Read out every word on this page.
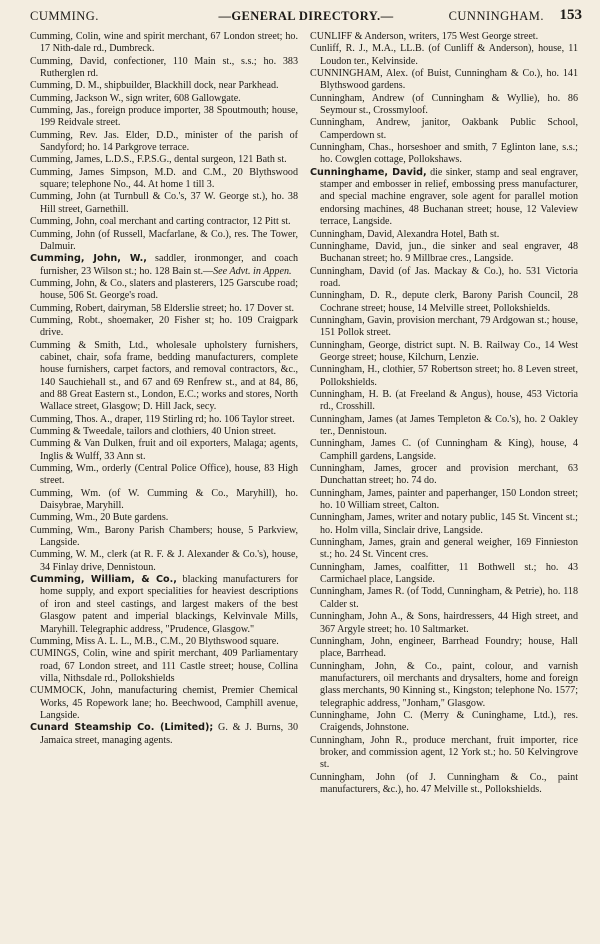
CUMMING.	—GENERAL DIRECTORY.—	CUNNINGHAM. 153
Cumming, Colin, wine and spirit merchant, 67 London street; ho. 17 Nith-dale rd., Dumbreck.
Cumming, David, confectioner, 110 Main st., s.s.; ho. 383 Rutherglen rd.
Cumming, D. M., shipbuilder, Blackhill dock, near Parkhead.
Cumming, Jackson W., sign writer, 608 Gallowgate.
Cumming, Jas., foreign produce importer, 38 Spoutmouth; house, 199 Reidvale street.
Cumming, Rev. Jas. Elder, D.D., minister of the parish of Sandyford; ho. 14 Parkgrove terrace.
Cumming, James, L.D.S., F.P.S.G., dental surgeon, 121 Bath st.
Cumming, James Simpson, M.D. and C.M., 20 Blythswood square; telephone No., 44. At home 1 till 3.
Cumming, John (at Turnbull & Co.'s, 37 W. George st.), ho. 38 Hill street, Garnethill.
Cumming, John, coal merchant and carting contractor, 12 Pitt st.
Cumming, John (of Russell, Macfarlane, & Co.), res. The Tower, Dalmuir.
Cumming, John, W., saddler, ironmonger, and coach furnisher, 23 Wilson st.; ho. 128 Bain st.—See Advt. in Appen.
Cumming, John, & Co., slaters and plasterers, 125 Garscube road; house, 506 St. George's road.
Cumming, Robert, dairyman, 58 Elderslie street; ho. 17 Dover st.
Cumming, Robt., shoemaker, 20 Fisher st; ho. 109 Craigpark drive.
Cumming & Smith, Ltd., wholesale upholstery furnishers, cabinet, chair, sofa frame, bedding manufacturers, complete house furnishers, carpet factors, and removal contractors, &c., 140 Sauchiehall st., and 67 and 69 Renfrew st., and at 84, 86, and 88 Great Eastern st., London, E.C.; works and stores, North Wallace street, Glasgow; D. Hill Jack, secy.
Cumming, Thos. A., draper, 119 Stirling rd; ho. 106 Taylor street.
Cumming & Tweedale, tailors and clothiers, 40 Union street.
Cumming & Van Dulken, fruit and oil exporters, Malaga; agents, Inglis & Wulff, 33 Ann st.
Cumming, Wm., orderly (Central Police Office), house, 83 High street.
Cumming, Wm. (of W. Cumming & Co., Maryhill), ho. Daisybrae, Maryhill.
Cumming, Wm., 20 Bute gardens.
Cumming, Wm., Barony Parish Chambers; house, 5 Parkview, Langside.
Cumming, W. M., clerk (at R. F. & J. Alexander & Co.'s), house, 34 Finlay drive, Dennistoun.
Cumming, William, & Co., blacking manufacturers for home supply, and export specialities for heaviest descriptions of iron and steel castings, and largest makers of the best Glasgow patent and imperial blackings, Kelvinvale Mills, Maryhill. Telegraphic address, "Prudence, Glasgow."
Cumming, Miss A. L. L., M.B., C.M., 20 Blythswood square.
CUMINGS, Colin, wine and spirit merchant, 409 Parliamentary road, 67 London street, and 111 Castle street; house, Collina villa, Nithsdale rd., Pollokshields
CUMMOCK, John, manufacturing chemist, Premier Chemical Works, 45 Ropework lane; ho. Beechwood, Camphill avenue, Langside.
Cunard Steamship Co. (Limited); G. & J. Burns, 30 Jamaica street, managing agents.
CUNLIFF & Anderson, writers, 175 West George street.
Cunliff, R. J., M.A., LL.B. (of Cunliff & Anderson), house, 11 Loudon ter., Kelvinside.
CUNNINGHAM, Alex. (of Buist, Cunningham & Co.), ho. 141 Blythswood gardens.
Cunningham, Andrew (of Cunningham & Wyllie), ho. 86 Seymour st., Crossmyloof.
Cunningham, Andrew, janitor, Oakbank Public School, Camperdown st.
Cunningham, Chas., horseshoer and smith, 7 Eglinton lane, s.s.; ho. Cowglen cottage, Pollokshaws.
Cunninghame, David, die sinker, stamp and seal engraver, stamper and embosser in relief, embossing press manufacturer, and special machine engraver, sole agent for parallel motion endorsing machines, 48 Buchanan street; house, 12 Valeview terrace, Langside.
Cunningham, David, Alexandra Hotel, Bath st.
Cunninghame, David, jun., die sinker and seal engraver, 48 Buchanan street; ho. 9 Millbrae cres., Langside.
Cunningham, David (of Jas. Mackay & Co.), ho. 531 Victoria road.
Cunningham, D. R., depute clerk, Barony Parish Council, 28 Cochrane street; house, 14 Melville street, Pollokshields.
Cunningham, Gavin, provision merchant, 79 Ardgowan st.; house, 151 Pollok street.
Cunningham, George, district supt. N. B. Railway Co., 14 West George street; house, Kilchurn, Lenzie.
Cunningham, H., clothier, 57 Robertson street; ho. 8 Leven street, Pollokshields.
Cunningham, H. B. (at Freeland & Angus), house, 453 Victoria rd., Crosshill.
Cunningham, James (at James Templeton & Co.'s), ho. 2 Oakley ter., Dennistoun.
Cunningham, James C. (of Cunningham & King), house, 4 Camphill gardens, Langside.
Cunningham, James, grocer and provision merchant, 63 Dunchattan street; ho. 74 do.
Cunningham, James, painter and paperhanger, 150 London street; ho. 10 William street, Calton.
Cunningham, James, writer and notary public, 145 St. Vincent st.; ho. Holm villa, Sinclair drive, Langside.
Cunningham, James, grain and general weigher, 169 Finnieston st.; ho. 24 St. Vincent cres.
Cunningham, James, coalfitter, 11 Bothwell st.; ho. 43 Carmichael place, Langside.
Cunningham, James R. (of Todd, Cunningham, & Petrie), ho. 118 Calder st.
Cunningham, John A., & Sons, hairdressers, 44 High street, and 367 Argyle street; ho. 10 Saltmarket.
Cunningham, John, engineer, Barrhead Foundry; house, Hall place, Barrhead.
Cunningham, John, & Co., paint, colour, and varnish manufacturers, oil merchants and drysalters, home and foreign glass merchants, 90 Kinning st., Kingston; telephone No. 1577; telegraphic address, "Jonham," Glasgow.
Cunninghame, John C. (Merry & Cuninghame, Ltd.), res. Craigends, Johnstone.
Cunningham, John R., produce merchant, fruit importer, rice broker, and commission agent, 12 York st.; ho. 50 Kelvingrove st.
Cunningham, John (of J. Cunningham & Co., paint manufacturers, &c.), ho. 47 Melville st., Pollokshields.
